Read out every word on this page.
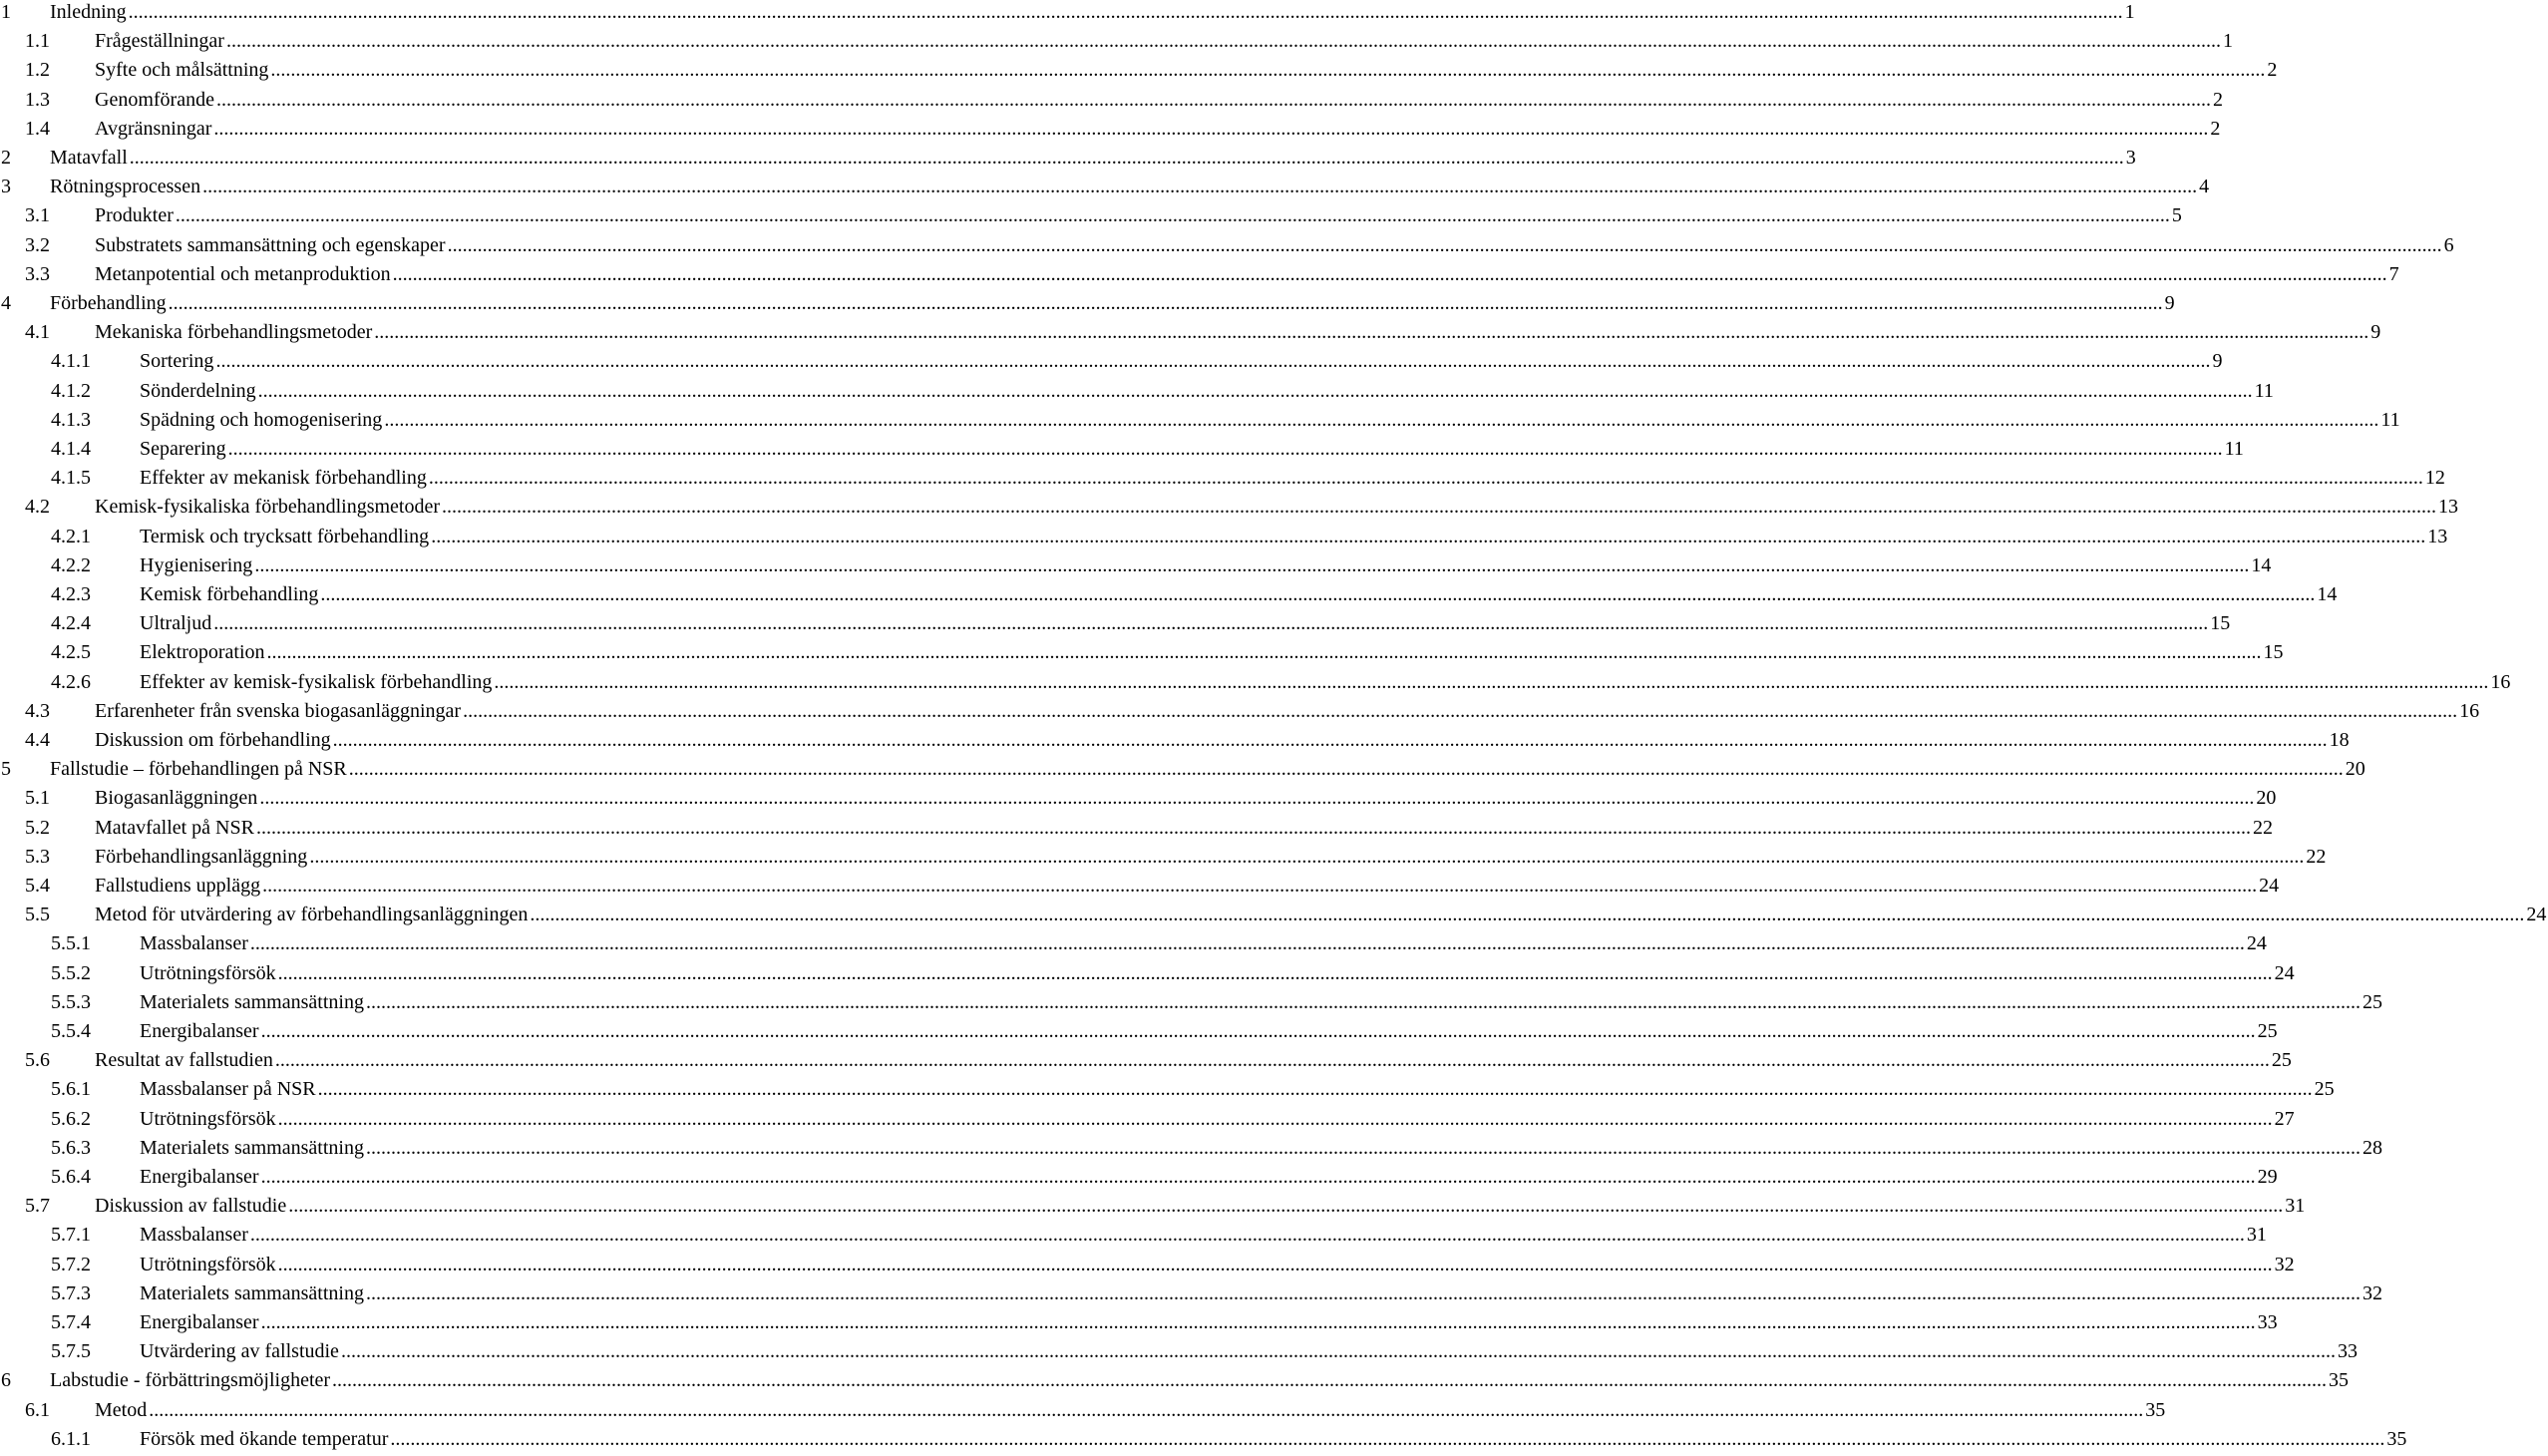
1	Inledning ................................................................................................................................................................................................................................................................................................................................................................................................................ 1
1.1	Frågeställningar ................................................................................................................................................................................................................................................................................................................................................................................................................ 1
1.2	Syfte och målsättning ................................................................................................................................................................................................................................................................................................................................................................................................................ 2
1.3	Genomförande ................................................................................................................................................................................................................................................................................................................................................................................................................ 2
1.4	Avgränsningar ................................................................................................................................................................................................................................................................................................................................................................................................................ 2
2	Matavfall ................................................................................................................................................................................................................................................................................................................................................................................................................ 3
3	Rötningsprocessen ................................................................................................................................................................................................................................................................................................................................................................................................................ 4
3.1	Produkter ................................................................................................................................................................................................................................................................................................................................................................................................................ 5
3.2	Substratets sammansättning och egenskaper ................................................................................................................................................................................................................................................................................................................................................................................................................ 6
3.3	Metanpotential och metanproduktion ................................................................................................................................................................................................................................................................................................................................................................................................................ 7
4	Förbehandling ................................................................................................................................................................................................................................................................................................................................................................................................................ 9
4.1	Mekaniska förbehandlingsmetoder ................................................................................................................................................................................................................................................................................................................................................................................................................ 9
4.1.1	Sortering ................................................................................................................................................................................................................................................................................................................................................................................................................ 9
4.1.2	Sönderdelning ................................................................................................................................................................................................................................................................................................................................................................................................................ 11
4.1.3	Spädning och homogenisering ................................................................................................................................................................................................................................................................................................................................................................................................................ 11
4.1.4	Separering ................................................................................................................................................................................................................................................................................................................................................................................................................ 11
4.1.5	Effekter av mekanisk förbehandling ................................................................................................................................................................................................................................................................................................................................................................................................................ 12
4.2	Kemisk-fysikaliska förbehandlingsmetoder ................................................................................................................................................................................................................................................................................................................................................................................................................ 13
4.2.1	Termisk och trycksatt förbehandling ................................................................................................................................................................................................................................................................................................................................................................................................................ 13
4.2.2	Hygienisering ................................................................................................................................................................................................................................................................................................................................................................................................................ 14
4.2.3	Kemisk förbehandling ................................................................................................................................................................................................................................................................................................................................................................................................................ 14
4.2.4	Ultraljud ................................................................................................................................................................................................................................................................................................................................................................................................................ 15
4.2.5	Elektroporation ................................................................................................................................................................................................................................................................................................................................................................................................................ 15
4.2.6	Effekter av kemisk-fysikalisk förbehandling ................................................................................................................................................................................................................................................................................................................................................................................................................ 16
4.3	Erfarenheter från svenska biogasanläggningar ................................................................................................................................................................................................................................................................................................................................................................................................................ 16
4.4	Diskussion om förbehandling ................................................................................................................................................................................................................................................................................................................................................................................................................ 18
5	Fallstudie – förbehandlingen på NSR ................................................................................................................................................................................................................................................................................................................................................................................................................ 20
5.1	Biogasanläggningen ................................................................................................................................................................................................................................................................................................................................................................................................................ 20
5.2	Matavfallet på NSR ................................................................................................................................................................................................................................................................................................................................................................................................................ 22
5.3	Förbehandlingsanläggning ................................................................................................................................................................................................................................................................................................................................................................................................................ 22
5.4	Fallstudiens upplägg ................................................................................................................................................................................................................................................................................................................................................................................................................ 24
5.5	Metod för utvärdering av förbehandlingsanläggningen ................................................................................................................................................................................................................................................................................................................................................................................................................ 24
5.5.1	Massbalanser ................................................................................................................................................................................................................................................................................................................................................................................................................ 24
5.5.2	Utrötningsförsök ................................................................................................................................................................................................................................................................................................................................................................................................................ 24
5.5.3	Materialets sammansättning ................................................................................................................................................................................................................................................................................................................................................................................................................ 25
5.5.4	Energibalanser ................................................................................................................................................................................................................................................................................................................................................................................................................ 25
5.6	Resultat av fallstudien ................................................................................................................................................................................................................................................................................................................................................................................................................ 25
5.6.1	Massbalanser på NSR ................................................................................................................................................................................................................................................................................................................................................................................................................ 25
5.6.2	Utrötningsförsök ................................................................................................................................................................................................................................................................................................................................................................................................................ 27
5.6.3	Materialets sammansättning ................................................................................................................................................................................................................................................................................................................................................................................................................ 28
5.6.4	Energibalanser ................................................................................................................................................................................................................................................................................................................................................................................................................ 29
5.7	Diskussion av fallstudie ................................................................................................................................................................................................................................................................................................................................................................................................................ 31
5.7.1	Massbalanser ................................................................................................................................................................................................................................................................................................................................................................................................................ 31
5.7.2	Utrötningsförsök ................................................................................................................................................................................................................................................................................................................................................................................................................ 32
5.7.3	Materialets sammansättning ................................................................................................................................................................................................................................................................................................................................................................................................................ 32
5.7.4	Energibalanser ................................................................................................................................................................................................................................................................................................................................................................................................................ 33
5.7.5	Utvärdering av fallstudie ................................................................................................................................................................................................................................................................................................................................................................................................................ 33
6	Labstudie - förbättringsmöjligheter ................................................................................................................................................................................................................................................................................................................................................................................................................ 35
6.1	Metod ................................................................................................................................................................................................................................................................................................................................................................................................................ 35
6.1.1	Försök med ökande temperatur ................................................................................................................................................................................................................................................................................................................................................................................................................ 35
